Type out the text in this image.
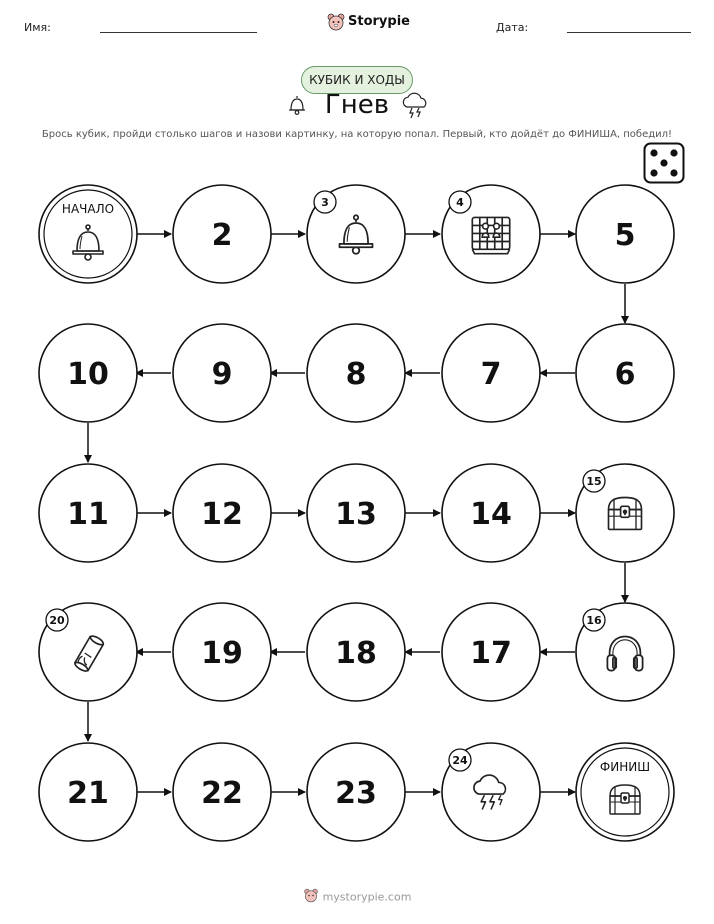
Имя:	Storypie	Дата:
КУБИК И ХОДЫ
Гнев
Брось кубик, пройди столько шагов и назови картинку, на которую попал. Первый, кто дойдёт до ФИНИША, победил!
НАЧАЛО
2
3	4
5
6
7
8
9
10
11	12	13	14
15
16
17
18
19
20
21	22	23
24	ФИНИШ
mystorypie.com
